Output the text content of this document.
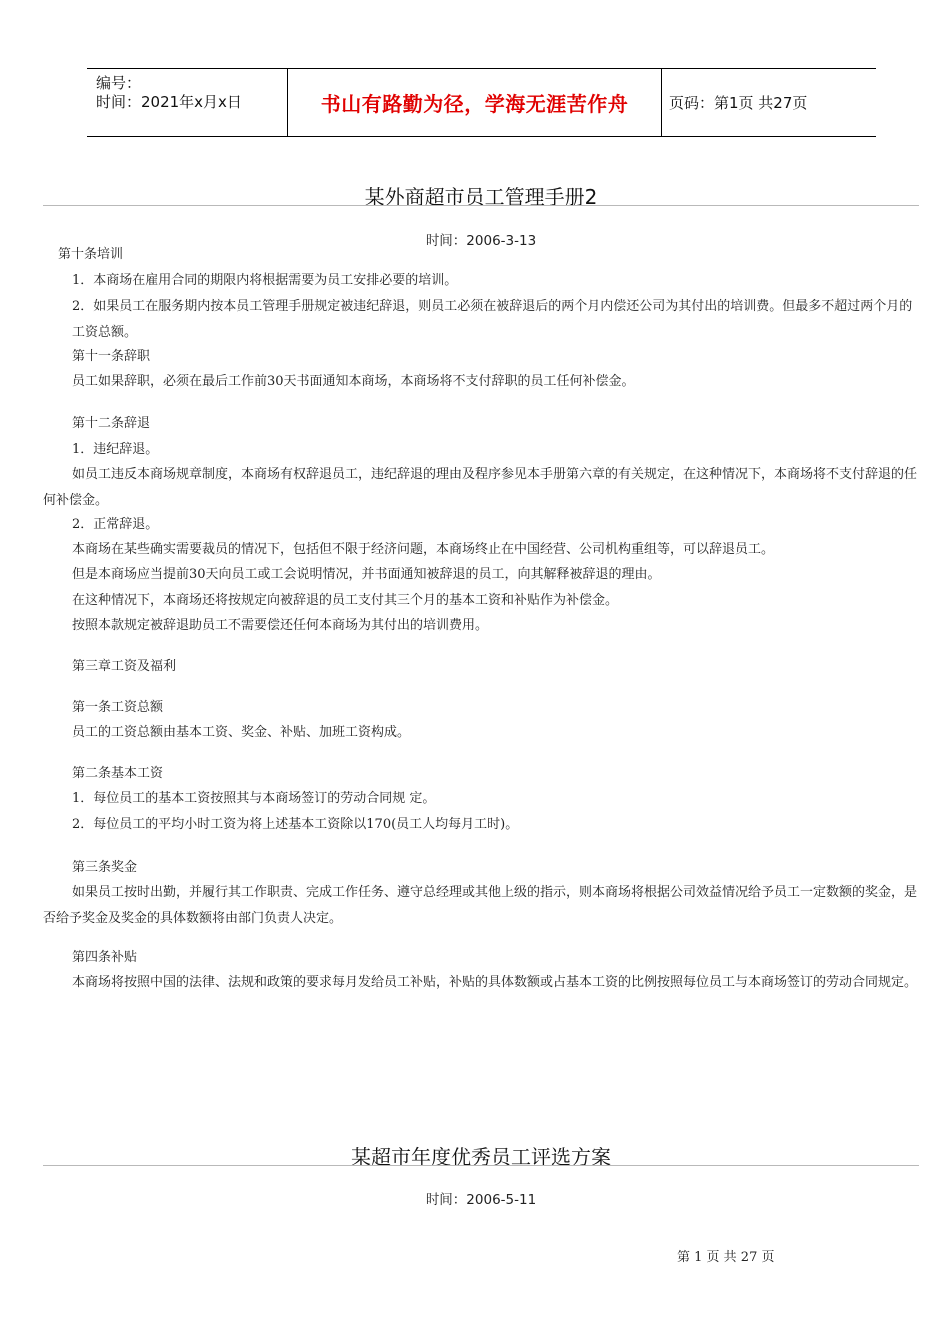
编号：
时间：2021年x月x日	书山有路勤为径，学海无涯苦作舟	页码：第1页 共27页
某外商超市员工管理手册2
时间：2006-3-13
第十条培训
1．本商场在雇用合同的期限内将根据需要为员工安排必要的培训。
2．如果员工在服务期内按本员工管理手册规定被违纪辞退，则员工必须在被辞退后的两个月内偿还公司为其付出的培训费。但最多不超过两个月的工资总额。
第十一条辞职
员工如果辞职，必须在最后工作前30天书面通知本商场，本商场将不支付辞职的员工任何补偿金。
第十二条辞退
1．违纪辞退。
如员工违反本商场规章制度，本商场有权辞退员工，违纪辞退的理由及程序参见本手册第六章的有关规定，在这种情况下，本商场将不支付辞退的任何补偿金。
2．正常辞退。
本商场在某些确实需要裁员的情况下，包括但不限于经济问题，本商场终止在中国经营、公司机构重组等，可以辞退员工。
但是本商场应当提前30天向员工或工会说明情况，并书面通知被辞退的员工，向其解释被辞退的理由。
在这种情况下，本商场还将按规定向被辞退的员工支付其三个月的基本工资和补贴作为补偿金。
按照本款规定被辞退助员工不需要偿还任何本商场为其付出的培训费用。
第三章工资及福利
第一条工资总额
员工的工资总额由基本工资、奖金、补贴、加班工资构成。
第二条基本工资
1．每位员工的基本工资按照其与本商场签订的劳动合同规 定。
2．每位员工的平均小时工资为将上述基本工资除以170(员工人均每月工时)。
第三条奖金
如果员工按时出勤，并履行其工作职责、完成工作任务、遵守总经理或其他上级的指示，则本商场将根据公司效益情况给予员工一定数额的奖金，是否给予奖金及奖金的具体数额将由部门负责人决定。
第四条补贴
本商场将按照中国的法律、法规和政策的要求每月发给员工补贴，补贴的具体数额或占基本工资的比例按照每位员工与本商场签订的劳动合同规定。
某超市年度优秀员工评选方案
时间：2006-5-11
第 1 页 共 27 页
